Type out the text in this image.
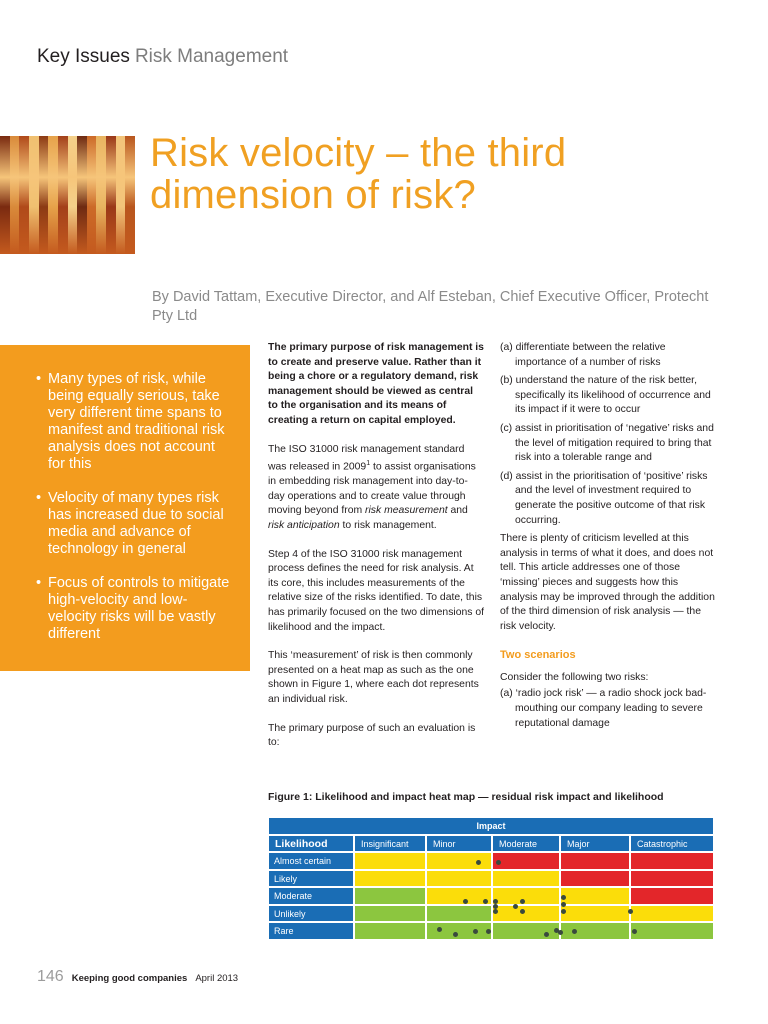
Key Issues Risk Management
Risk velocity – the third dimension of risk?
By David Tattam, Executive Director, and Alf Esteban, Chief Executive Officer, Protecht Pty Ltd
• Many types of risk, while being equally serious, take very different time spans to manifest and traditional risk analysis does not account for this
• Velocity of many types risk has increased due to social media and advance of technology in general
• Focus of controls to mitigate high-velocity and low-velocity risks will be vastly different

The primary purpose of risk management is to create and preserve value. Rather than it being a chore or a regulatory demand, risk management should be viewed as central to the organisation and its means of creating a return on capital employed.

The ISO 31000 risk management standard was released in 2009$^1$ to assist organisations in embedding risk management into day-to-day operations and to create value through moving beyond from risk measurement and risk anticipation to risk management.

Step 4 of the ISO 31000 risk management process defines the need for risk analysis. At its core, this includes measurements of the relative size of the risks identified. To date, this has primarily focused on the two dimensions of likelihood and the impact.

This ‘measurement’ of risk is then commonly presented on a heat map as such as the one shown in Figure 1, where each dot represents an individual risk.

The primary purpose of such an evaluation is to:

(a) differentiate between the relative importance of a number of risks
(b) understand the nature of the risk better, specifically its likelihood of occurrence and its impact if it were to occur
(c) assist in prioritisation of ‘negative’ risks and the level of mitigation required to bring that risk into a tolerable range and
(d) assist in the prioritisation of ‘positive’ risks and the level of investment required to generate the positive outcome of that risk occurring.

There is plenty of criticism levelled at this analysis in terms of what it does, and does not tell. This article addresses one of those ‘missing’ pieces and suggests how this analysis may be improved through the addition of the third dimension of risk analysis — the risk velocity.

Two scenarios

Consider the following two risks:

(a) ‘radio jock risk’ — a radio shock jock bad-mouthing our company leading to severe reputational damage
Figure 1: Likelihood and impact heat map — residual risk impact and likelihood
Impact
Likelihood	Insignificant	Minor	Moderate	Major	Catastrophic
Almost certain
Likely
Moderate
Unlikely
Rare
146 Keeping good companies April 2013
